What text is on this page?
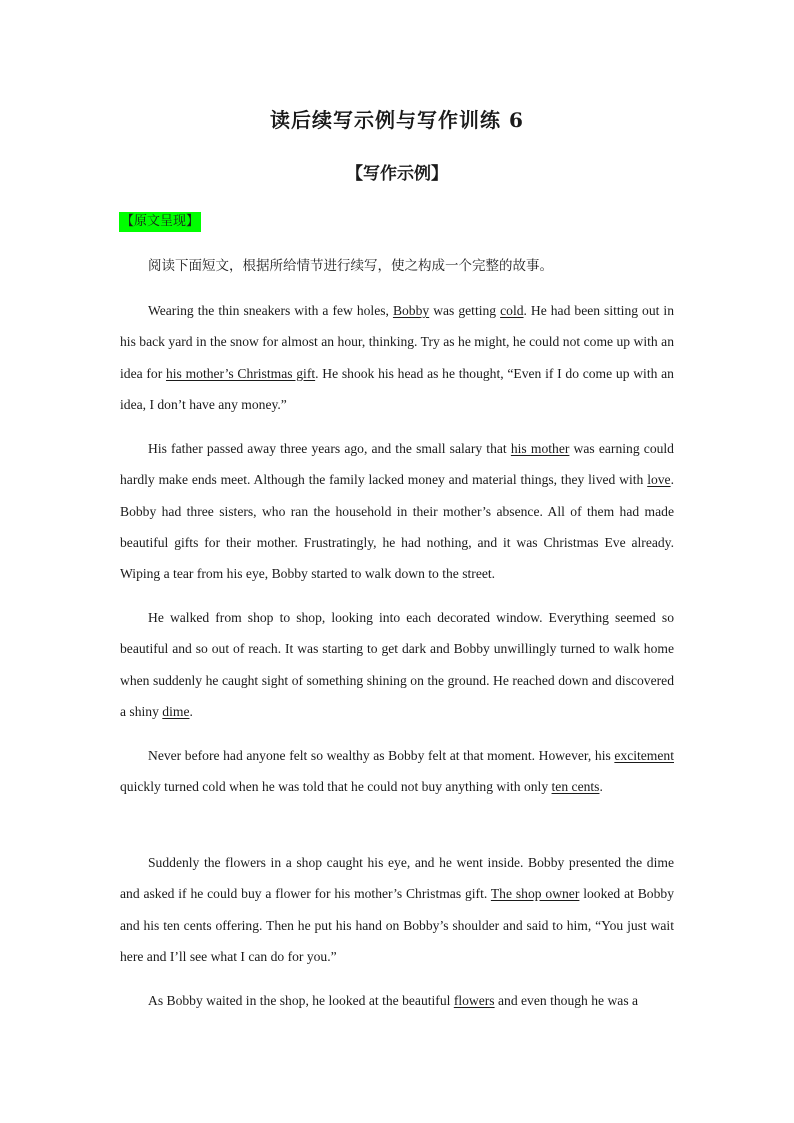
读后续写示例与写作训练 6
【写作示例】
【原文呈现】
阅读下面短文，根据所给情节进行续写，使之构成一个完整的故事。

Wearing the thin sneakers with a few holes, Bobby was getting cold. He had been sitting out in his back yard in the snow for almost an hour, thinking. Try as he might, he could not come up with an idea for his mother’s Christmas gift. He shook his head as he thought, “Even if I do come up with an idea, I don’t have any money.”

His father passed away three years ago, and the small salary that his mother was earning could hardly make ends meet. Although the family lacked money and material things, they lived with love. Bobby had three sisters, who ran the household in their mother’s absence. All of them had made beautiful gifts for their mother. Frustratingly, he had nothing, and it was Christmas Eve already. Wiping a tear from his eye, Bobby started to walk down to the street.

He walked from shop to shop, looking into each decorated window. Everything seemed so beautiful and so out of reach. It was starting to get dark and Bobby unwillingly turned to walk home when suddenly he caught sight of something shining on the ground. He reached down and discovered a shiny dime.

Never before had anyone felt so wealthy as Bobby felt at that moment. However, his excitement quickly turned cold when he was told that he could not buy anything with only ten cents.

Suddenly the flowers in a shop caught his eye, and he went inside. Bobby presented the dime and asked if he could buy a flower for his mother’s Christmas gift. The shop owner looked at Bobby and his ten cents offering. Then he put his hand on Bobby’s shoulder and said to him, “You just wait here and I’ll see what I can do for you.”

As Bobby waited in the shop, he looked at the beautiful flowers and even though he was a
